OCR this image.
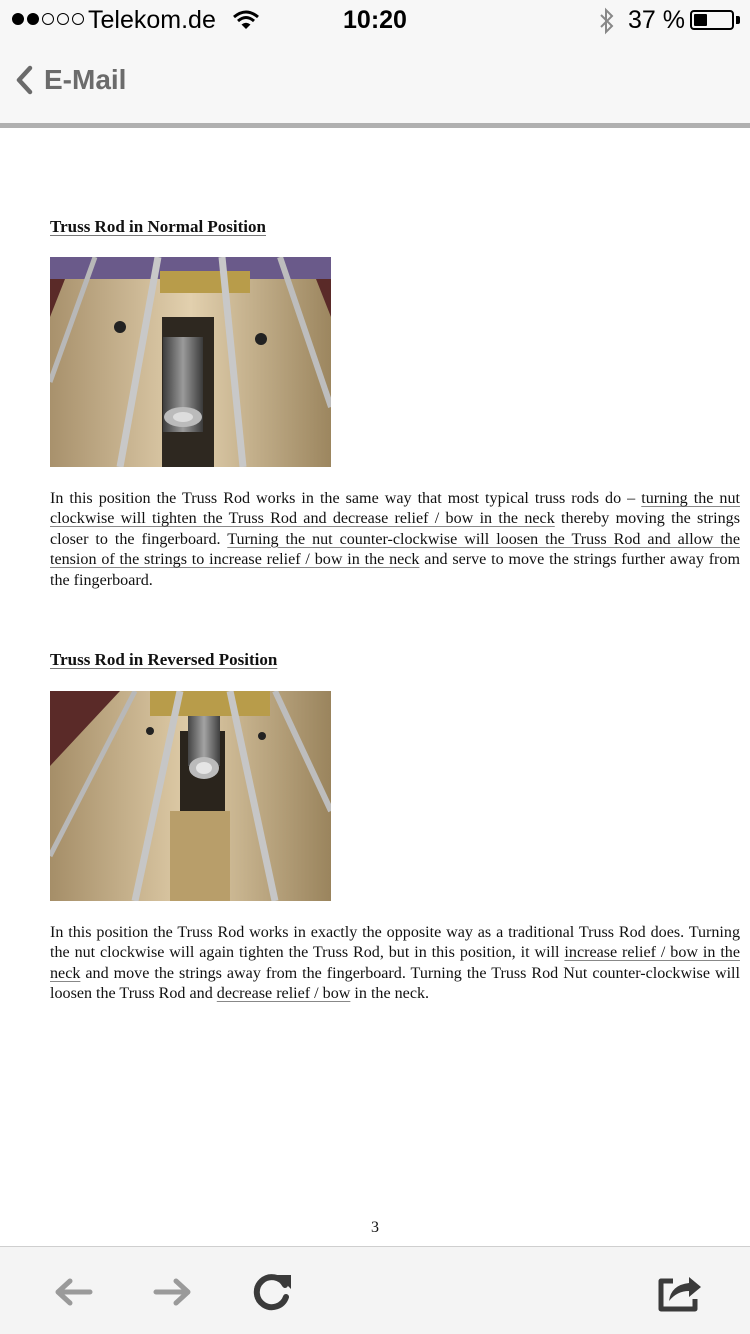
Telekom.de	10:20	37 %
E-Mail
Truss Rod in Normal Position

In this position the Truss Rod works in the same way that most typical truss rods do – turning the nut clockwise will tighten the Truss Rod and decrease relief / bow in the neck thereby moving the strings closer to the fingerboard. Turning the nut counter-clockwise will loosen the Truss Rod and allow the tension of the strings to increase relief / bow in the neck and serve to move the strings further away from the fingerboard.

Truss Rod in Reversed Position

In this position the Truss Rod works in exactly the opposite way as a traditional Truss Rod does. Turning the nut clockwise will again tighten the Truss Rod, but in this position, it will increase relief / bow in the neck and move the strings away from the fingerboard. Turning the Truss Rod Nut counter-clockwise will loosen the Truss Rod and decrease relief / bow in the neck.

3
